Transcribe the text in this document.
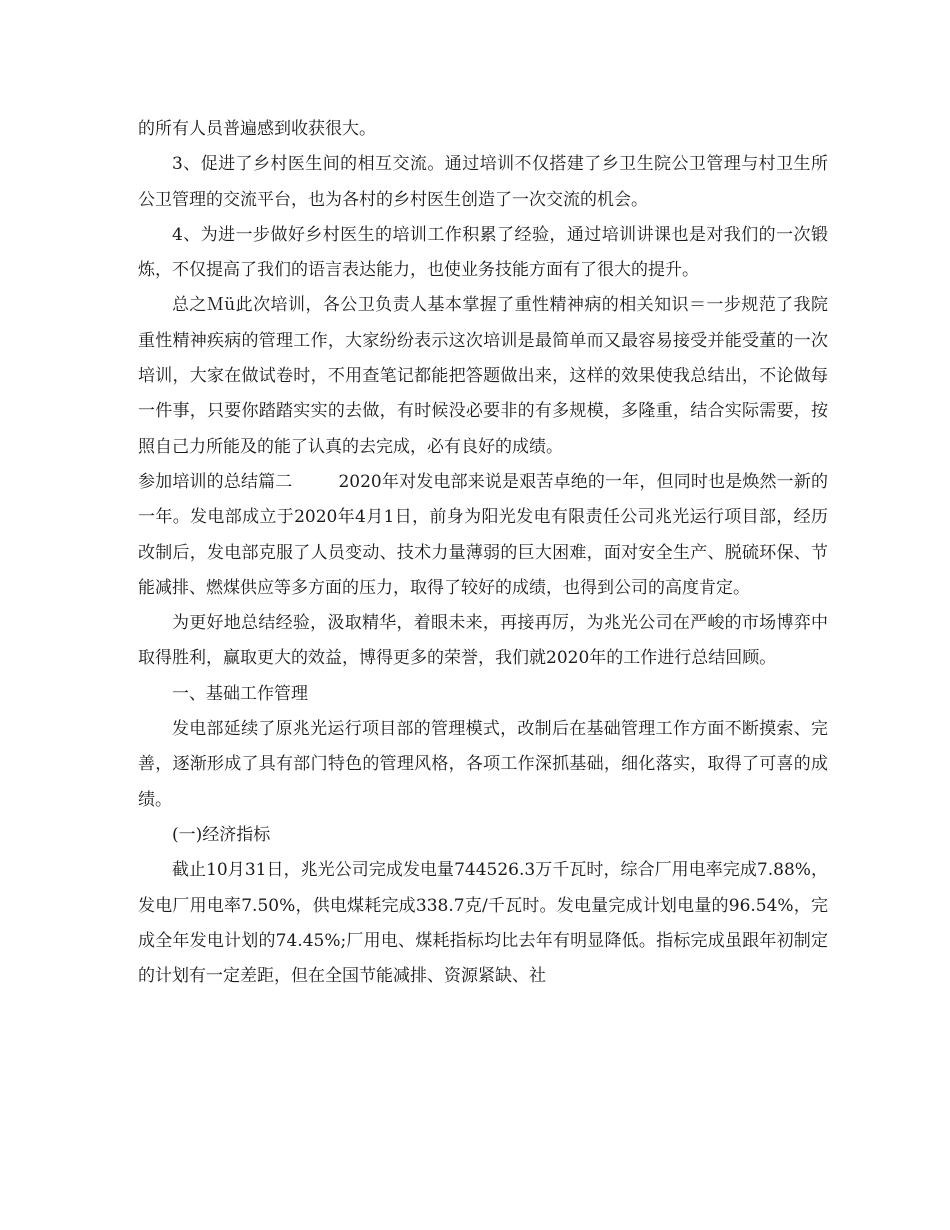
的所有人员普遍感到收获很大。

3、促进了乡村医生间的相互交流。通过培训不仅搭建了乡卫生院公卫管理与村卫生所公卫管理的交流平台，也为各村的乡村医生创造了一次交流的机会。

4、为进一步做好乡村医生的培训工作积累了经验，通过培训讲课也是对我们的一次锻炼，不仅提高了我们的语言表达能力，也使业务技能方面有了很大的提升。

总之Ｍü此次培训，各公卫负责人基本掌握了重性精神病的相关知识＝一步规范了我院重性精神疾病的管理工作，大家纷纷表示这次培训是最简单而又最容易接受并能受董的一次培训，大家在做试卷时，不用查笔记都能把答题做出来，这样的效果使我总结出，不论做每一件事，只要你踏踏实实的去做，有时候没必要非的有多规模，多隆重，结合实际需要，按照自己力所能及的能了认真的去完成，必有良好的成绩。

参加培训的总结篇二	2020年对发电部来说是艰苦卓绝的一年，但同时也是焕然一新的一年。发电部成立于2020年4月1日，前身为阳光发电有限责任公司兆光运行项目部，经历改制后，发电部克服了人员变动、技术力量薄弱的巨大困难，面对安全生产、脱硫环保、节能减排、燃煤供应等多方面的压力，取得了较好的成绩，也得到公司的高度肯定。

为更好地总结经验，汲取精华，着眼未来，再接再厉，为兆光公司在严峻的市场博弈中取得胜利，赢取更大的效益，博得更多的荣誉，我们就2020年的工作进行总结回顾。

一、基础工作管理

发电部延续了原兆光运行项目部的管理模式，改制后在基础管理工作方面不断摸索、完善，逐渐形成了具有部门特色的管理风格，各项工作深抓基础，细化落实，取得了可喜的成绩。

(一)经济指标

截止10月31日，兆光公司完成发电量744526.3万千瓦时，综合厂用电率完成7.88%，发电厂用电率7.50%，供电煤耗完成338.7克/千瓦时。发电量完成计划电量的96.54%，完成全年发电计划的74.45%;厂用电、煤耗指标均比去年有明显降低。指标完成虽跟年初制定的计划有一定差距，但在全国节能减排、资源紧缺、社
